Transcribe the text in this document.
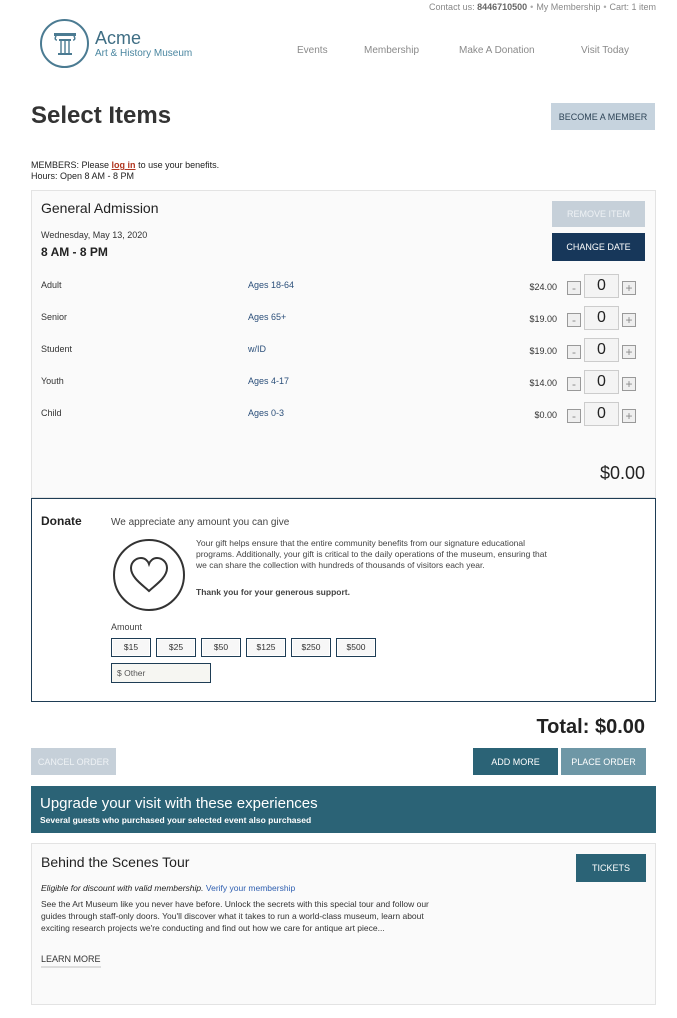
Contact us: 8446710500 • My Membership • Cart: 1 item
Acme
Art & History Museum	Events	Membership	Make A Donation	Visit Today
Select Items	BECOME A MEMBER
MEMBERS: Please log in to use your benefits.
Hours: Open 8 AM - 8 PM
General Admission
Wednesday, May 13, 2020
8 AM - 8 PM
REMOVE ITEM
CHANGE DATE
Adult	Ages 18-64	$24.00	-	0	+
Senior	Ages 65+	$19.00	-	0	+
Student	w/ID	$19.00	-	0	+
Youth	Ages 4-17	$14.00	-	0	+
Child	Ages 0-3	$0.00	-	0	+
$0.00
Donate	We appreciate any amount you can give
Your gift helps ensure that the entire community benefits from our signature educational programs. Additionally, your gift is critical to the daily operations of the museum, ensuring that we can share the collection with hundreds of thousands of visitors each year.
Thank you for your generous support.
Amount
$15	$25	$50	$125	$250	$500
$ Other
Total: $0.00
CANCEL ORDER	ADD MORE	PLACE ORDER
Upgrade your visit with these experiences
Several guests who purchased your selected event also purchased
Behind the Scenes Tour	TICKETS
Eligible for discount with valid membership. Verify your membership
See the Art Museum like you never have before. Unlock the secrets with this special tour and follow our guides through staff-only doors. You'll discover what it takes to run a world-class museum, learn about exciting research projects we're conducting and find out how we care for antique art piece...
LEARN MORE
